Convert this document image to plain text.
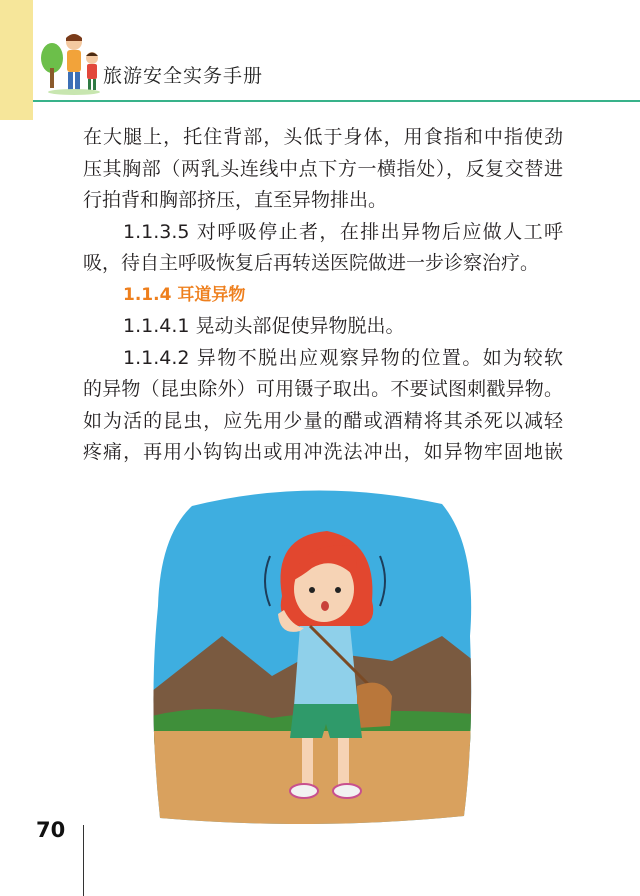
旅游安全实务手册
在大腿上，托住背部，头低于身体，用食指和中指使劲
压其胸部（两乳头连线中点下方一横指处），反复交替进
行拍背和胸部挤压，直至异物排出。
1.1.3.5 对呼吸停止者，在排出异物后应做人工呼
吸，待自主呼吸恢复后再转送医院做进一步诊察治疗。
1.1.4 耳道异物
1.1.4.1 晃动头部促使异物脱出。
1.1.4.2 异物不脱出应观察异物的位置。如为较软
的异物（昆虫除外）可用镊子取出。不要试图刺戳异物。
如为活的昆虫，应先用少量的醋或酒精将其杀死以减轻
疼痛，再用小钩钩出或用冲洗法冲出，如异物牢固地嵌
70
